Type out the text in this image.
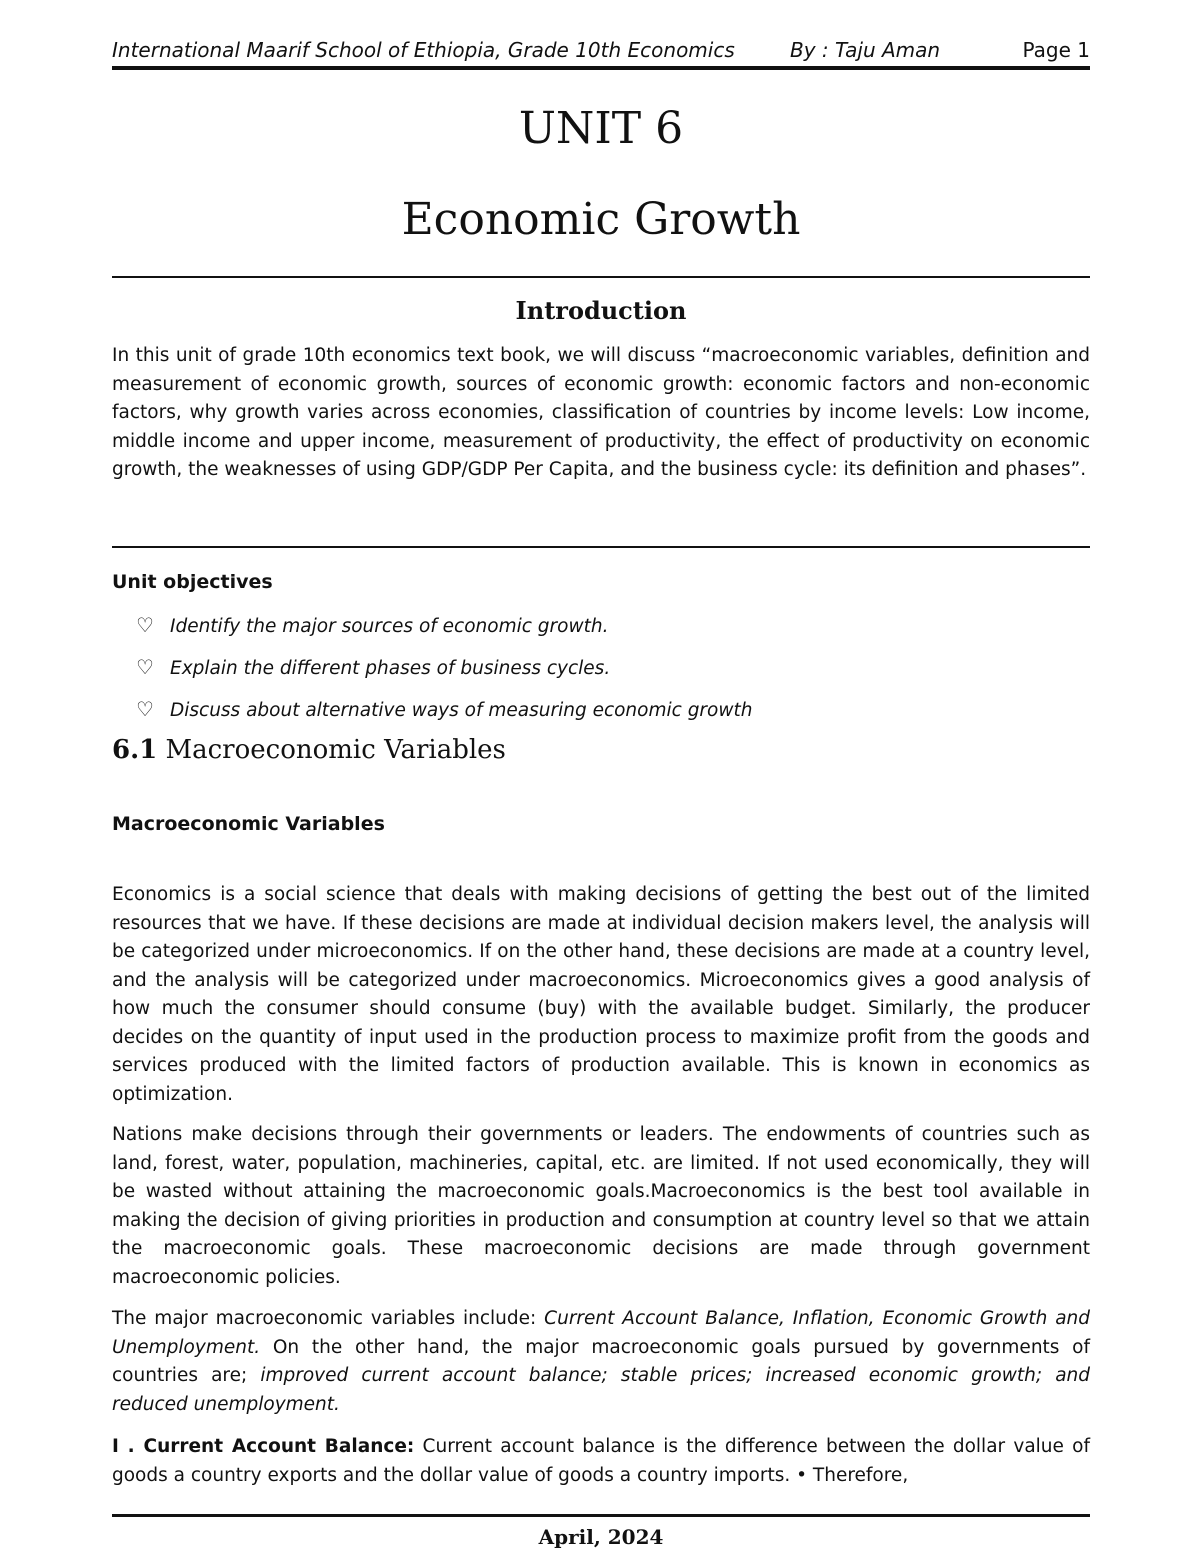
International Maarif School of Ethiopia, Grade 10th Economics	By : Taju Aman	Page 1
UNIT 6
Economic Growth
Introduction

In this unit of grade 10th economics text book, we will discuss “macroeconomic variables, definition and measurement of economic growth, sources of economic growth: economic factors and non-economic factors, why growth varies across economies, classification of countries by income levels: Low income, middle income and upper income, measurement of productivity, the effect of productivity on economic growth, the weaknesses of using GDP/GDP Per Capita, and the business cycle: its definition and phases”.

Unit objectives
♡ Identify the major sources of economic growth.
♡ Explain the different phases of business cycles.
♡ Discuss about alternative ways of measuring economic growth
6.1 Macroeconomic Variables
Macroeconomic Variables

Economics is a social science that deals with making decisions of getting the best out of the limited resources that we have. If these decisions are made at individual decision makers level, the analysis will be categorized under microeconomics. If on the other hand, these decisions are made at a country level, and the analysis will be categorized under macroeconomics. Microeconomics gives a good analysis of how much the consumer should consume (buy) with the available budget. Similarly, the producer decides on the quantity of input used in the production process to maximize profit from the goods and services produced with the limited factors of production available. This is known in economics as optimization.

Nations make decisions through their governments or leaders. The endowments of countries such as land, forest, water, population, machineries, capital, etc. are limited. If not used economically, they will be wasted without attaining the macroeconomic goals.Macroeconomics is the best tool available in making the decision of giving priorities in production and consumption at country level so that we attain the macroeconomic goals. These macroeconomic decisions are made through government macroeconomic policies.

The major macroeconomic variables include: Current Account Balance, Inflation, Economic Growth and Unemployment. On the other hand, the major macroeconomic goals pursued by governments of countries are; improved current account balance; stable prices; increased economic growth; and reduced unemployment.

I . Current Account Balance: Current account balance is the difference between the dollar value of goods a country exports and the dollar value of goods a country imports. • Therefore,

April, 2024
